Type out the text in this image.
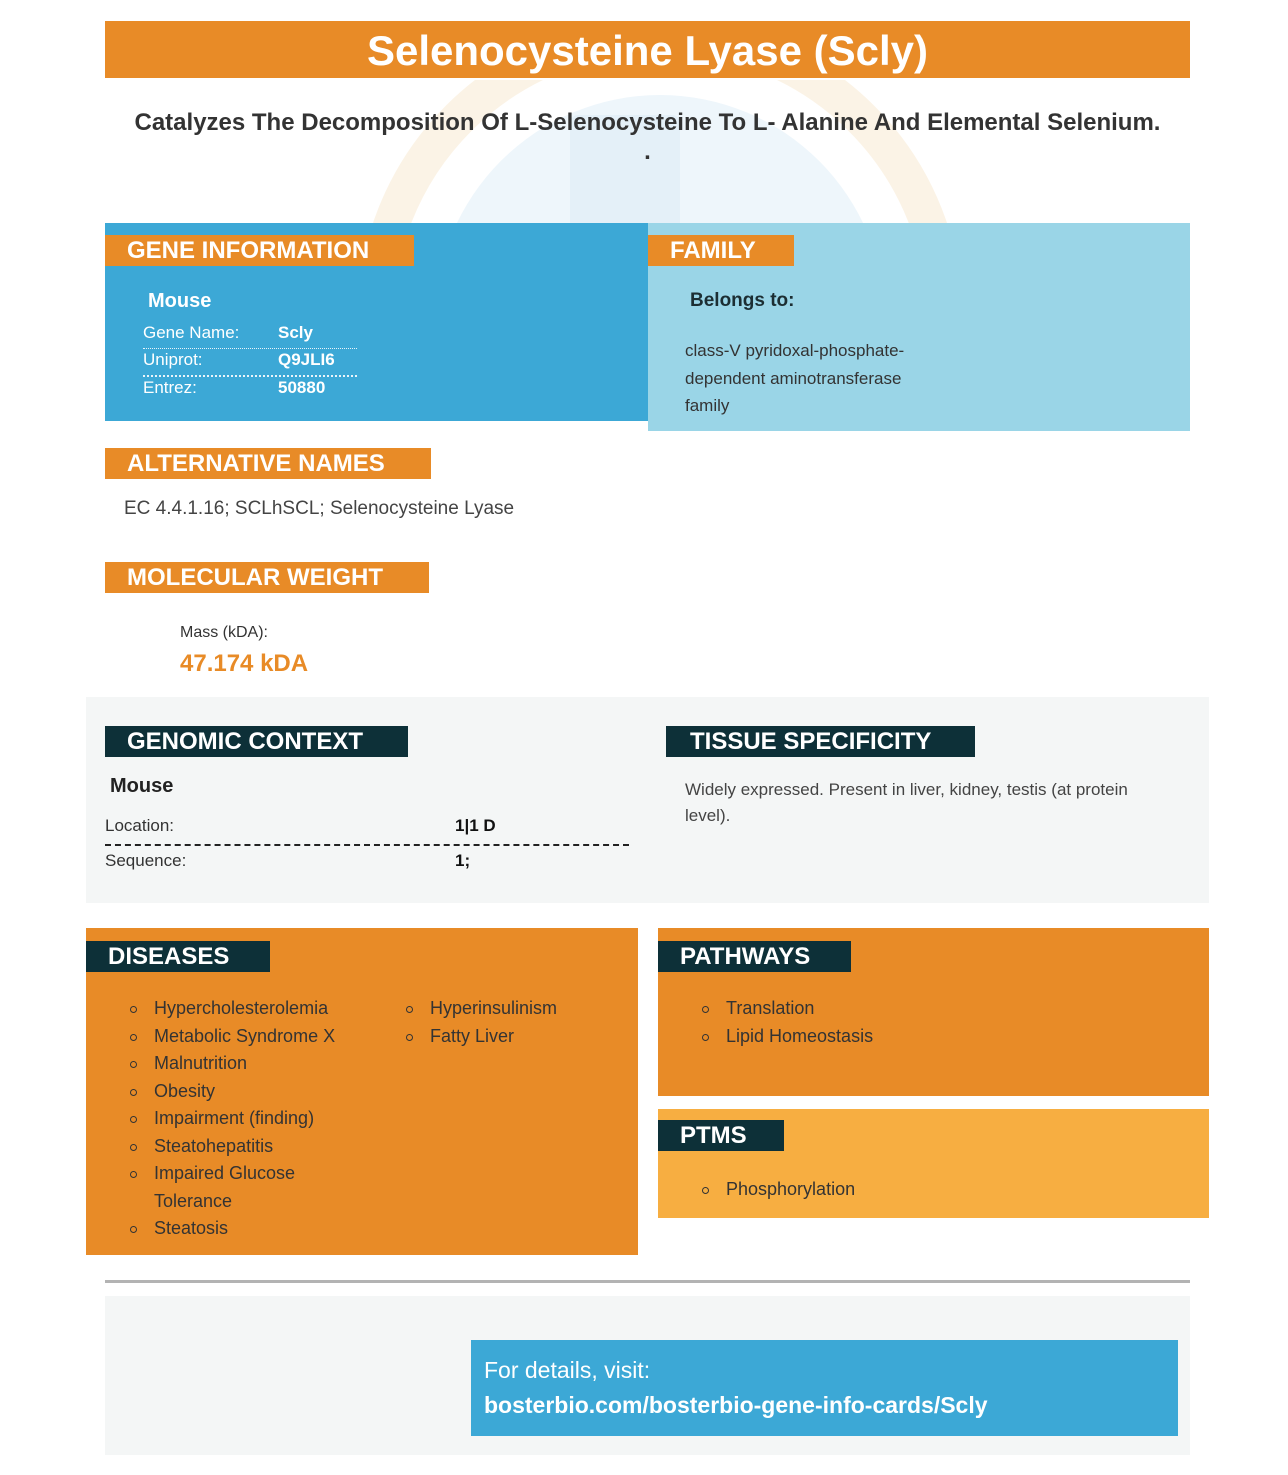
Selenocysteine Lyase (Scly)
Catalyzes The Decomposition Of L-Selenocysteine To L- Alanine And Elemental Selenium. .
GENE INFORMATION
Mouse
Gene Name: Scly
Uniprot:	Q9JLI6
Entrez:	50880
FAMILY
Belongs to:
class-V pyridoxal-phosphate-dependent aminotransferase family
ALTERNATIVE NAMES
EC 4.4.1.16; SCLhSCL; Selenocysteine Lyase
MOLECULAR WEIGHT
Mass (kDA):
47.174 kDA
GENOMIC CONTEXT
Mouse
Location:	1|1 D
Sequence:	1;
TISSUE SPECIFICITY
Widely expressed. Present in liver, kidney, testis (at protein level).
DISEASES
Hypercholesterolemia
Metabolic Syndrome X
Malnutrition
Obesity
Impairment (finding)
Steatohepatitis
Impaired Glucose Tolerance
Steatosis
Hyperinsulinism
Fatty Liver
PATHWAYS
Translation
Lipid Homeostasis
PTMS
Phosphorylation
For details, visit:
bosterbio.com/bosterbio-gene-info-cards/Scly
